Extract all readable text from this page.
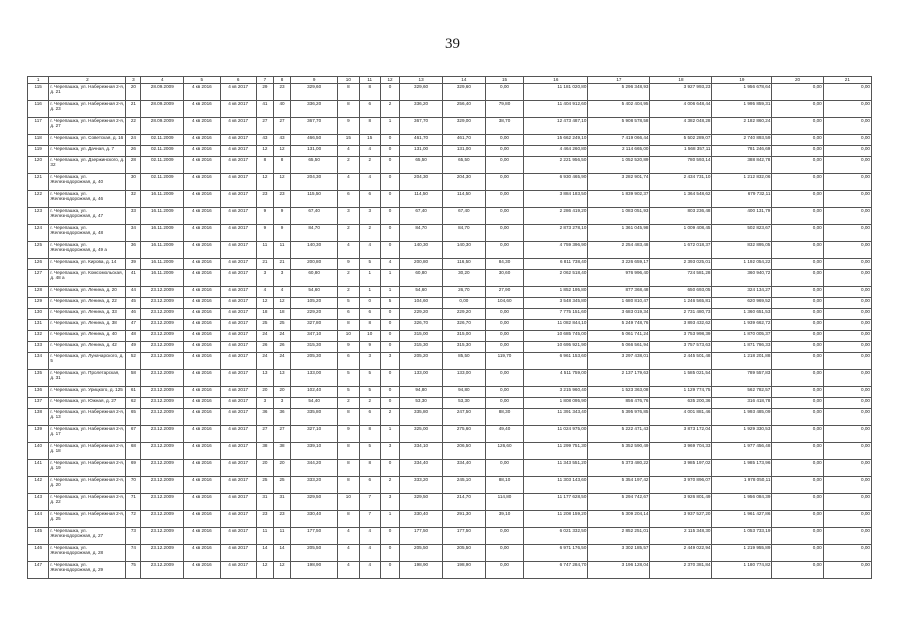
39
1	2	3	4	5	6	7	8	9	10	11	12	13	14	15	16	17	18	19	20	21
115	г. Черепашка, ул. Набережная 2-я, д. 21	20	28.09.2009	4 кв 2016	4 кв 2017	29	23	329,60	8	8	0	329,60	329,60	0,00	11 181 020,80	5 296 348,93	3 927 993,23	1 956 678,64	0,00	0,00
116	г. Черепашка, ул. Набережная 2-я, д. 23	21	28.09.2009	4 кв 2016	4 кв 2017	41	40	336,20	8	6	2	336,20	256,40	79,80	11 404 912,60	5 402 404,95	4 006 648,44	1 995 859,31	0,00	0,00
117	г. Черепашка, ул. Набережная 2-я, д. 27	22	28.09.2009	4 кв 2016	4 кв 2017	27	27	367,70	9	8	1	367,70	329,00	38,70	12 473 487,10	5 908 578,58	4 382 048,28	2 182 860,24	0,00	0,00
118	г. Черепашка, ул. Советская, д. 16	24	02.11.2009	4 кв 2016	4 кв 2017	43	43	466,50	15	15	0	461,70	461,70	0,00	15 662 249,10	7 419 066,44	5 502 289,07	2 740 893,59	0,00	0,00
119	г. Черепашка, ул. Дачная, д. 7	26	02.11.2009	4 кв 2016	4 кв 2017	12	12	131,00	4	4	0	131,00	131,00	0,00	4 464 260,80	2 114 665,00	1 568 357,11	781 246,69	0,00	0,00
120	г. Черепашка, ул. Дзержинского, д. 32	28	02.11.2009	4 кв 2016	4 кв 2017	8	8	65,50	2	2	0	65,50	65,50	0,00	2 221 956,50	1 052 520,89	780 593,14	388 842,78	0,00	0,00
121	г. Черепашка, ул. Железнодорожная, д. 40	30	02.11.2009	4 кв 2016	4 кв 2017	12	12	204,30	4	4	0	204,30	204,30	0,00	6 930 465,90	3 282 901,74	2 434 731,10	1 212 832,06	0,00	0,00
122	г. Черепашка, ул. Железнодорожная, д. 46	32	16.11.2009	4 кв 2016	4 кв 2017	23	23	115,50	6	6	0	114,50	114,50	0,00	3 884 183,50	1 839 902,37	1 364 548,62	679 732,11	0,00	0,00
123	г. Черепашка, ул. Железнодорожная, д. 47	33	16.11.2009	4 кв 2016	4 кв 2017	9	9	67,40	3	3	0	67,40	67,40	0,00	2 286 419,20	1 083 051,93	803 236,48	400 131,79	0,00	0,00
124	г. Черепашка, ул. Железнодорожная, д. 48	34	16.11.2009	4 кв 2016	4 кв 2017	9	9	84,70	2	2	0	84,70	84,70	0,00	2 873 278,10	1 361 045,98	1 009 408,45	502 823,67	0,00	0,00
125	г. Черепашка, ул. Железнодорожная, д. 49 а	36	16.11.2009	4 кв 2016	4 кв 2017	11	11	140,30	4	4	0	140,30	140,30	0,00	4 759 396,90	2 254 483,48	1 672 018,37	832 895,05	0,00	0,00
126	г. Черепашка, ул. Кирова, д. 14	39	16.11.2009	4 кв 2016	4 кв 2017	21	21	200,80	9	5	4	200,80	116,50	84,30	6 811 738,40	3 226 659,17	2 393 025,01	1 192 054,22	0,00	0,00
127	г. Черепашка, ул. Комсомольская, д. 48 а	41	16.11.2009	4 кв 2016	4 кв 2017	3	3	60,80	2	1	1	60,80	30,20	30,60	2 062 518,40	976 996,40	724 581,28	360 940,72	0,00	0,00
128	г. Черепашка, ул. Ленина, д. 20	44	23.12.2009	4 кв 2016	4 кв 2017	4	4	54,60	2	1	1	54,60	26,70	27,90	1 852 195,80	877 368,48	650 693,05	324 134,27	0,00	0,00
129	г. Черепашка, ул. Ленина, д. 22	45	23.12.2009	4 кв 2016	4 кв 2017	12	12	105,20	5	0	5	104,60	0,00	104,60	3 548 345,80	1 680 810,47	1 246 565,81	620 969,52	0,00	0,00
130	г. Черепашка, ул. Ленина, д. 33	46	23.12.2009	4 кв 2016	4 кв 2017	18	18	229,20	6	6	0	229,20	229,20	0,00	7 775 151,60	3 683 019,34	2 731 480,73	1 360 651,53	0,00	0,00
131	г. Черепашка, ул. Ленина, д. 38	47	23.12.2009	4 кв 2016	4 кв 2017	25	25	327,80	8	8	0	326,70	326,70	0,00	11 082 844,10	5 249 748,76	3 893 432,62	1 939 662,72	0,00	0,00
132	г. Черепашка, ул. Ленина, д. 40	48	23.12.2009	4 кв 2016	4 кв 2017	24	24	347,10	10	10	0	315,00	315,00	0,00	10 685 745,00	5 061 741,24	3 753 998,39	1 870 005,37	0,00	0,00
133	г. Черепашка, ул. Ленина, д. 42	49	23.12.2009	4 кв 2016	4 кв 2017	26	26	315,30	9	9	0	315,30	315,30	0,00	10 695 921,90	5 066 561,94	3 757 573,63	1 871 786,33	0,00	0,00
134	г. Черепашка, ул. Луначарского, д. 5	52	23.12.2009	4 кв 2016	4 кв 2017	24	24	205,30	6	3	3	205,20	85,50	119,70	6 961 153,60	3 297 438,01	2 445 501,48	1 218 201,88	0,00	0,00
135	г. Черепашка, ул. Пролетарская, д. 31	58	23.12.2009	4 кв 2016	4 кв 2017	13	13	133,00	5	5	0	133,00	133,00	0,00	4 511 759,00	2 137 179,63	1 585 021,54	789 557,83	0,00	0,00
136	г. Черепашка, ул. Урицкого, д. 125	61	23.12.2009	4 кв 2016	4 кв 2017	20	20	102,40	5	5	0	94,80	94,80	0,00	3 215 960,40	1 523 363,08	1 129 774,75	562 782,57	0,00	0,00
137	г. Черепашка, ул. Южная, д. 27	62	23.12.2009	4 кв 2016	4 кв 2017	3	3	54,40	2	2	0	53,30	53,30	0,00	1 808 095,90	856 476,76	635 200,36	316 418,78	0,00	0,00
138	г. Черепашка, ул. Набережная 2-я, д. 13	65	23.12.2009	4 кв 2016	4 кв 2017	36	36	335,80	8	6	2	335,80	247,50	88,30	11 391 343,40	5 395 976,85	4 001 881,46	1 993 485,09	0,00	0,00
139	г. Черепашка, ул. Набережная 2-я, д. 17	67	23.12.2009	4 кв 2016	4 кв 2017	27	27	327,10	9	8	1	325,00	275,60	49,40	11 024 975,00	5 222 471,43	3 873 172,04	1 929 330,53	0,00	0,00
140	г. Черепашка, ул. Набережная 2-я, д. 18	68	23.12.2009	4 кв 2016	4 кв 2017	38	38	339,10	8	5	3	334,10	206,50	126,60	11 299 751,30	5 352 590,49	3 969 704,33	1 977 456,48	0,00	0,00
141	г. Черепашка, ул. Набережная 2-я, д. 19	69	23.12.2009	4 кв 2016	4 кв 2017	20	20	344,20	8	8	0	334,40	334,40	0,00	11 343 551,20	5 373 480,22	3 985 197,02	1 985 173,96	0,00	0,00
142	г. Черепашка, ул. Набережная 2-я, д. 20	70	23.12.2009	4 кв 2016	4 кв 2017	25	25	333,20	8	6	2	333,20	245,10	88,10	11 303 143,60	5 354 197,42	3 970 896,07	1 978 050,11	0,00	0,00
143	г. Черепашка, ул. Набережная 2-я, д. 22	71	23.12.2009	4 кв 2016	4 кв 2017	31	31	329,50	10	7	3	329,50	214,70	114,80	11 177 628,50	5 294 742,67	3 926 801,49	1 956 084,39	0,00	0,00
144	г. Черепашка, ул. Набережная 2-я, д. 25	72	23.12.2009	4 кв 2016	4 кв 2017	23	23	330,40	8	7	1	330,40	291,30	39,10	11 208 159,20	5 309 204,14	3 937 527,20	1 961 427,86	0,00	0,00
145	г. Черепашка, ул. Железнодорожная, д. 27	73	23.12.2009	4 кв 2016	4 кв 2017	11	11	177,50	4	4	0	177,50	177,50	0,00	6 021 332,50	2 852 251,01	2 115 348,30	1 053 733,19	0,00	0,00
146	г. Черепашка, ул. Железнодорожная, д. 28	74	23.12.2009	4 кв 2016	4 кв 2017	14	14	205,50	4	4	0	205,50	205,50	0,00	6 971 176,50	3 302 185,57	2 449 022,94	1 219 955,89	0,00	0,00
147	г. Черепашка, ул. Железнодорожная, д. 29	75	23.12.2009	4 кв 2016	4 кв 2017	12	12	198,90	4	4	0	198,90	198,90	0,00	6 747 284,70	3 196 128,04	2 370 381,84	1 180 774,82	0,00	0,00
